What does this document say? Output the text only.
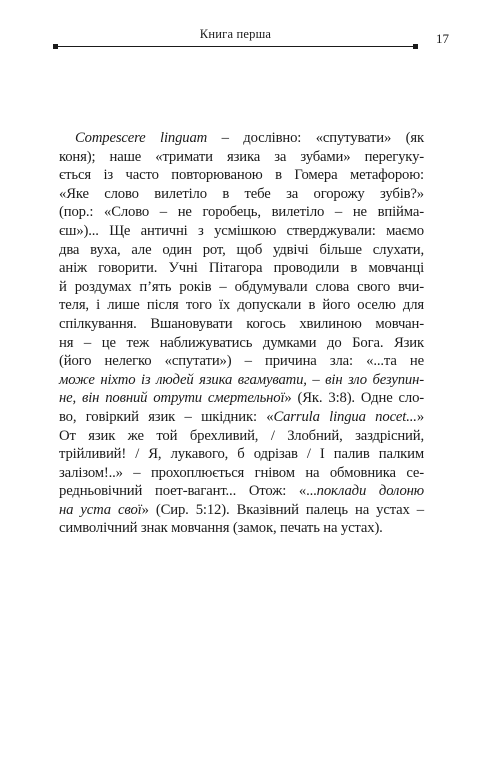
Книга перша	17
Compescere linguam – дослівно: «спутувати» (як
коня); наше «тримати язика за зубами» перегуку-
ється із часто повторюваною в Гомера метафорою:
«Яке слово вилетіло в тебе за огорожу зубів?»
(пор.: «Слово – не горобець, вилетіло – не впіймa-
єш»)... Ще античні з усмішкою стверджували: маємо
два вуха, але один рот, щоб удвічі більше слухати,
аніж говорити. Учні Пітагора проводили в мовчанці
й роздумах п’ять років – обдумували слова свого вчи-
теля, і лише після того їх допускали в його оселю для
спілкування. Вшановувати когось хвилиною мовчан-
ня – це теж наближуватись думками до Бога. Язик
(його нелегко «спутати») – причина зла: «...та не
може ніхто із людей язика вгамувати, – він зло безупин-
не, він повний отрути смертельної» (Як. 3:8). Одне сло-
во, говіркий язик – шкідник: «Carrula lingua nocet...»
От язик же той брехливий, / Злобний, заздрісний,
трійливий! / Я, лукавого, б одрізав / І палив палким
залізом!..» – прохоплюється гнівом на обмовника се-
редньовічний поет-вагант... Отож: «...поклади долоню
на уста свої» (Сир. 5:12). Вказівний палець на устах –
символічний знак мовчання (замок, печать на устах).
